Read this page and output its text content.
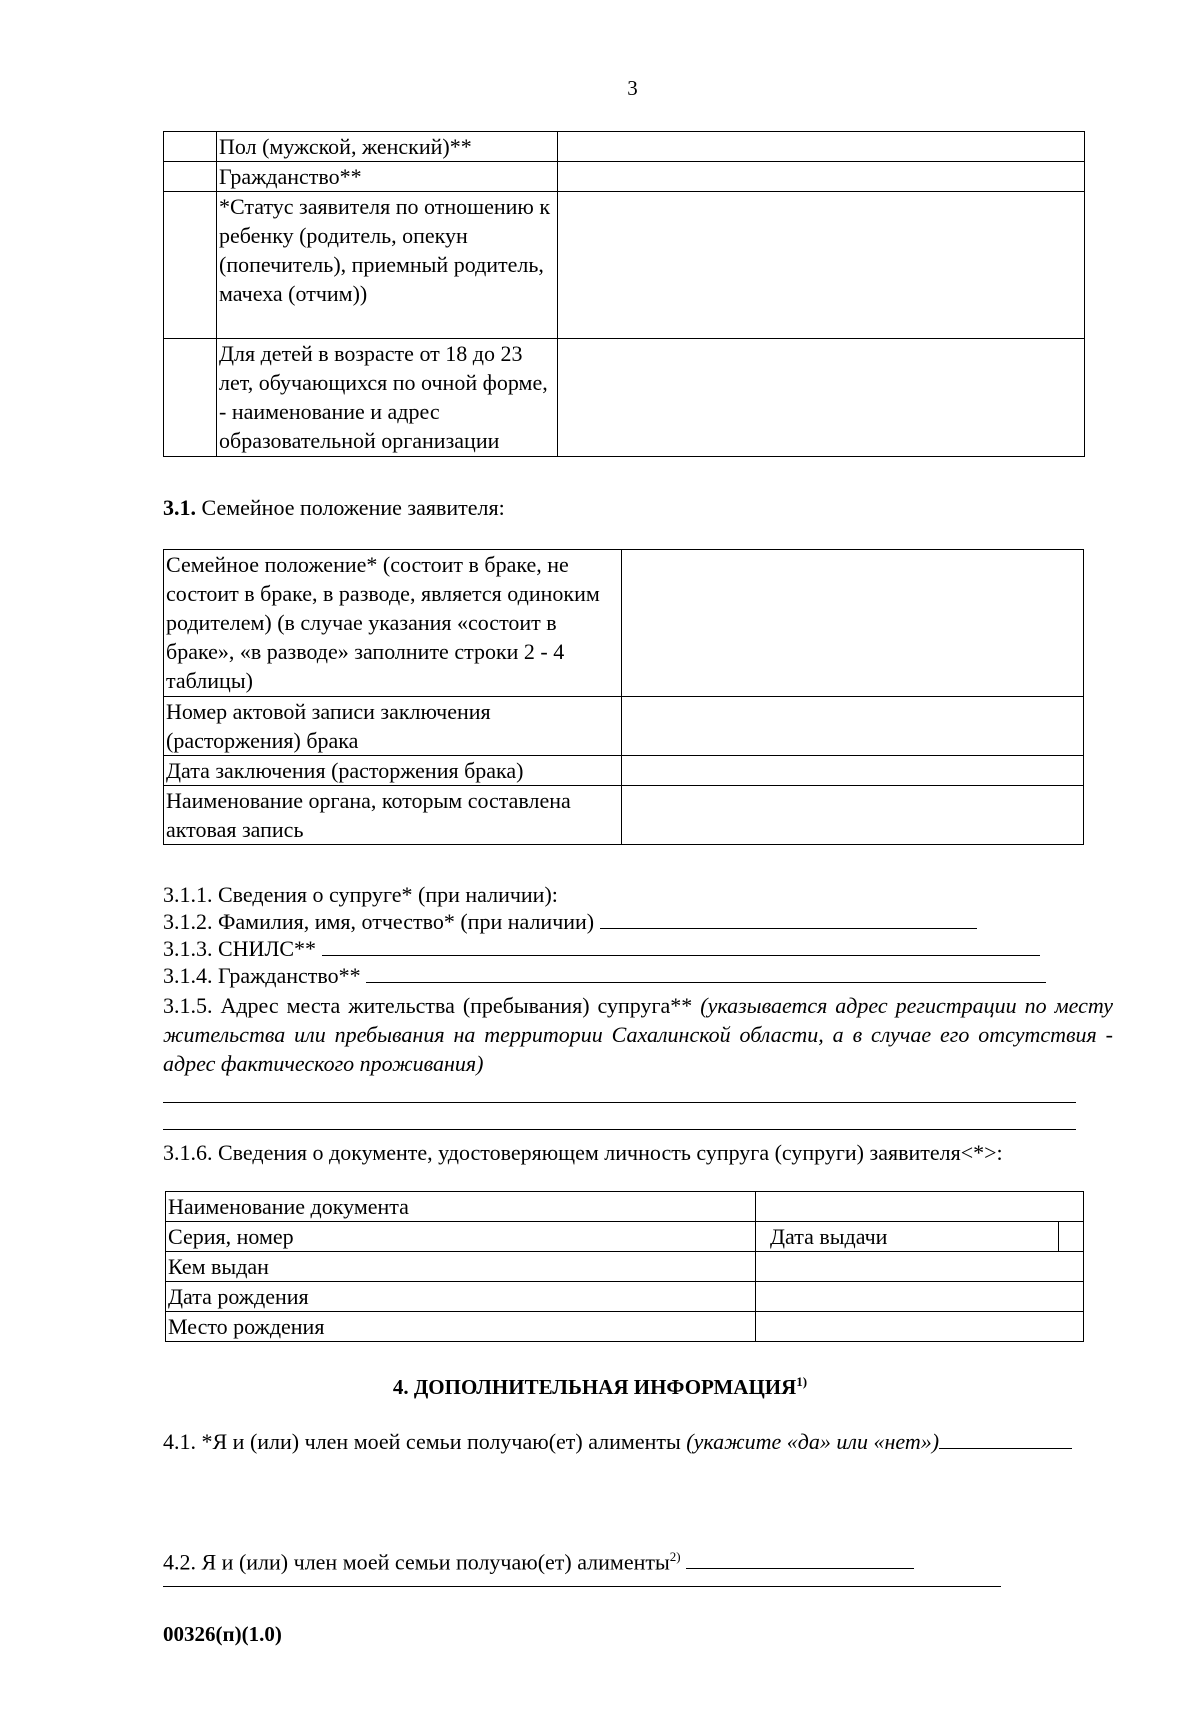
3
	Пол (мужской, женский)**	
	Гражданство**	
	*Статус заявителя по отношению к ребенку (родитель, опекун (попечитель), приемный родитель, мачеха (отчим))	
	Для детей в возрасте от 18 до 23 лет, обучающихся по очной форме, - наименование и адрес образовательной организации	
3.1. Семейное положение заявителя:
Семейное положение* (состоит в браке, не состоит в браке, в разводе, является одиноким родителем) (в случае указания «состоит в браке», «в разводе» заполните строки 2 - 4 таблицы)	
Номер актовой записи заключения (расторжения) брака	
Дата заключения (расторжения брака)	
Наименование органа, которым составлена актовая запись	
3.1.1. Сведения о супруге* (при наличии):
3.1.2. Фамилия, имя, отчество* (при наличии)
3.1.3. СНИЛС**
3.1.4. Гражданство**
3.1.5. Адрес места жительства (пребывания) супруга** (указывается адрес регистрации по месту жительства или пребывания на территории Сахалинской области, а в случае его отсутствия - адрес фактического проживания)
3.1.6. Сведения о документе, удостоверяющем личность супруга (супруги) заявителя<*>:
Наименование документа	
Серия, номер	Дата выдачи

Кем выдан	
Дата рождения	
Место рождения	
4. ДОПОЛНИТЕЛЬНАЯ ИНФОРМАЦИЯ$^{1)}$
4.1. *Я и (или) член моей семьи получаю(ет) алименты (укажите «да» или «нет»)
4.2. Я и (или) член моей семьи получаю(ет) алименты$^{2)}$
00326(п)(1.0)
